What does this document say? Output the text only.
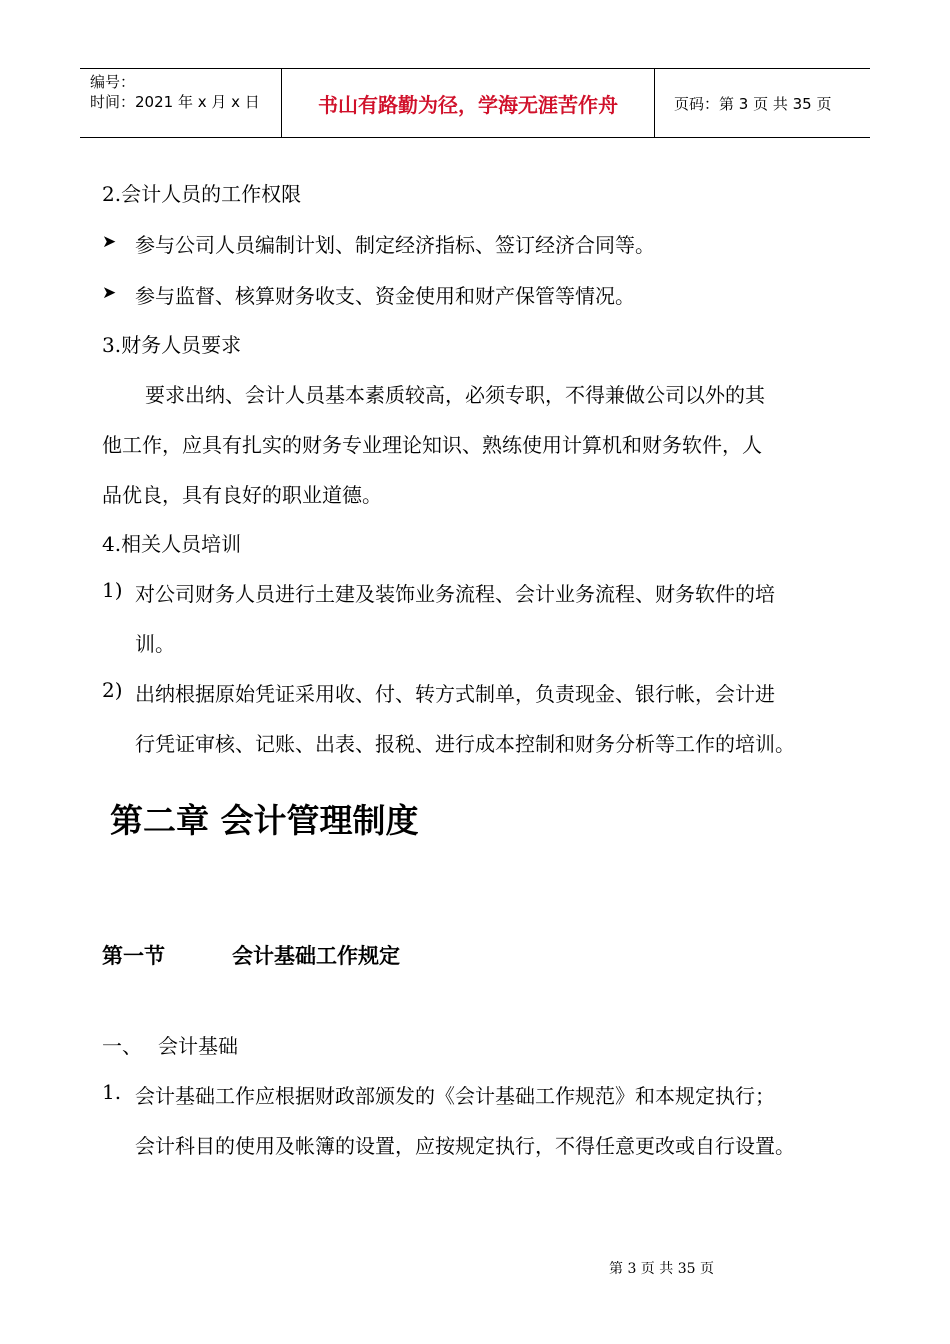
编号：
时间：2021 年 x 月 x 日	书山有路勤为径，学海无涯苦作舟	页码：第 3 页 共 35 页
2.会计人员的工作权限
➤ 参与公司人员编制计划、制定经济指标、签订经济合同等。
➤ 参与监督、核算财务收支、资金使用和财产保管等情况。
3.财务人员要求
要求出纳、会计人员基本素质较高，必须专职，不得兼做公司以外的其
他工作，应具有扎实的财务专业理论知识、熟练使用计算机和财务软件，人
品优良，具有良好的职业道德。
4.相关人员培训
1) 对公司财务人员进行土建及装饰业务流程、会计业务流程、财务软件的培
训。
2) 出纳根据原始凭证采用收、付、转方式制单，负责现金、银行帐，会计进
行凭证审核、记账、出表、报税、进行成本控制和财务分析等工作的培训。
第二章 会计管理制度
第一节	会计基础工作规定
一、 会计基础
1. 会计基础工作应根据财政部颁发的《会计基础工作规范》和本规定执行；
会计科目的使用及帐簿的设置，应按规定执行，不得任意更改或自行设置。
第 3 页 共 35 页
